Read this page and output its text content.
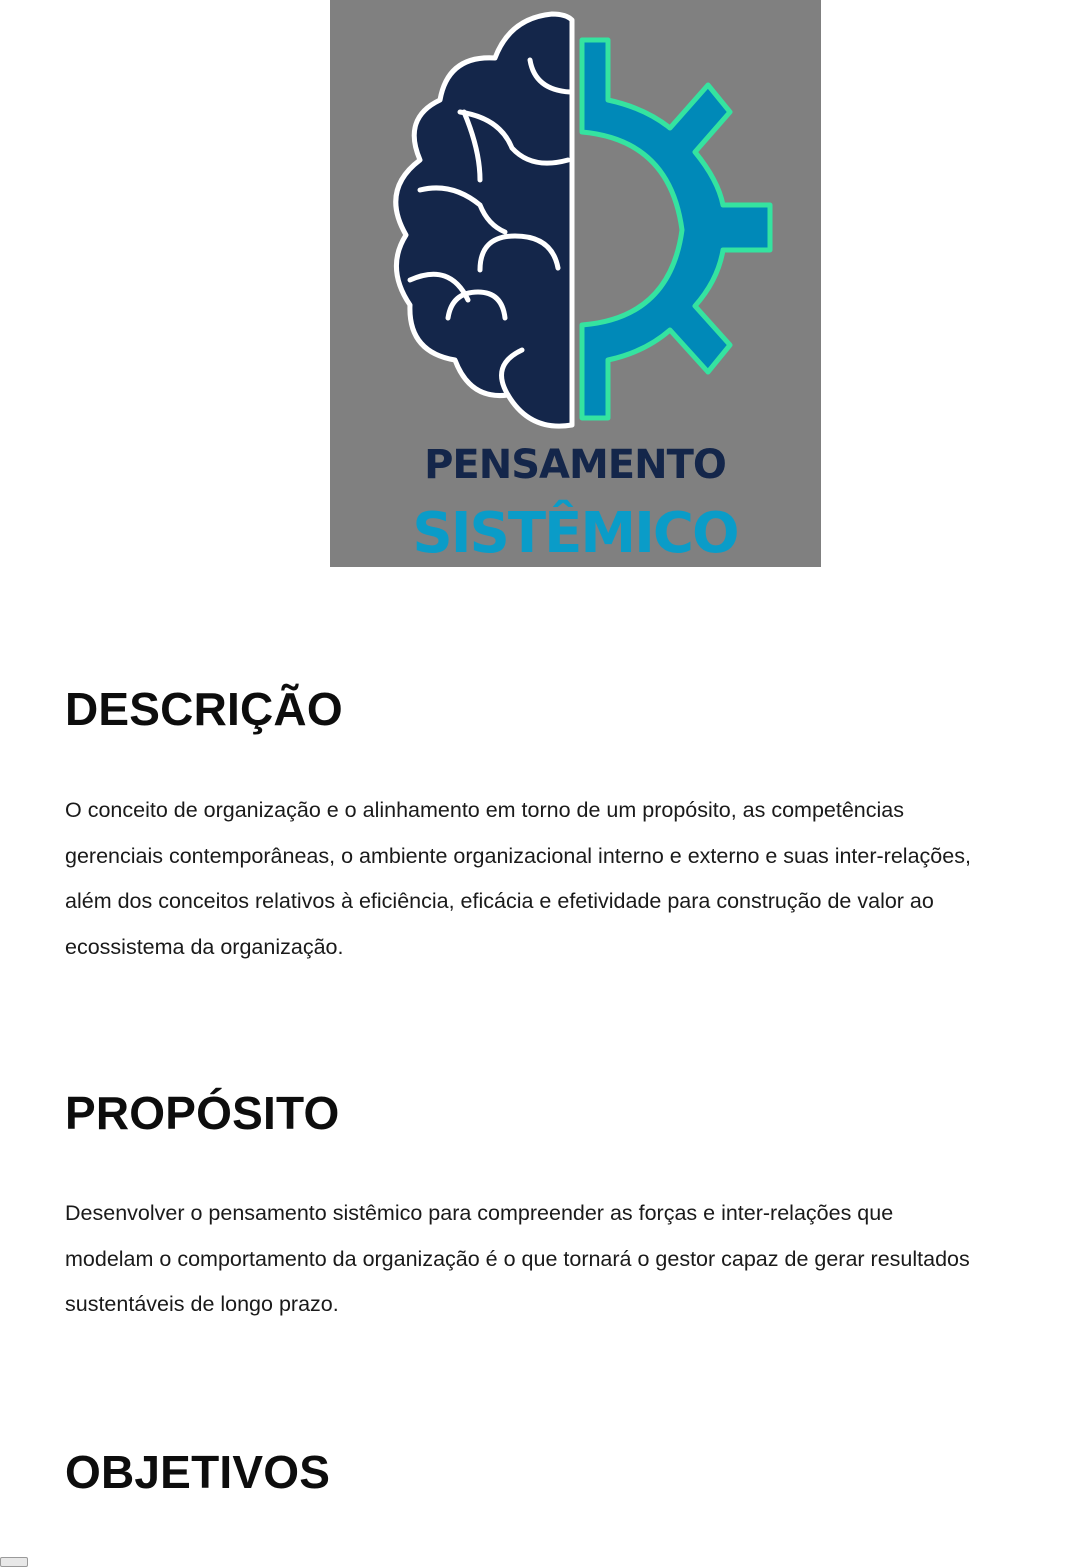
PENSAMENTO
SISTÊMICO
DESCRIÇÃO

O conceito de organização e o alinhamento em torno de um propósito, as competências
gerenciais contemporâneas, o ambiente organizacional interno e externo e suas inter-relações,
além dos conceitos relativos à eficiência, eficácia e efetividade para construção de valor ao
ecossistema da organização.

PROPÓSITO

Desenvolver o pensamento sistêmico para compreender as forças e inter-relações que
modelam o comportamento da organização é o que tornará o gestor capaz de gerar resultados
sustentáveis de longo prazo.

OBJETIVOS
